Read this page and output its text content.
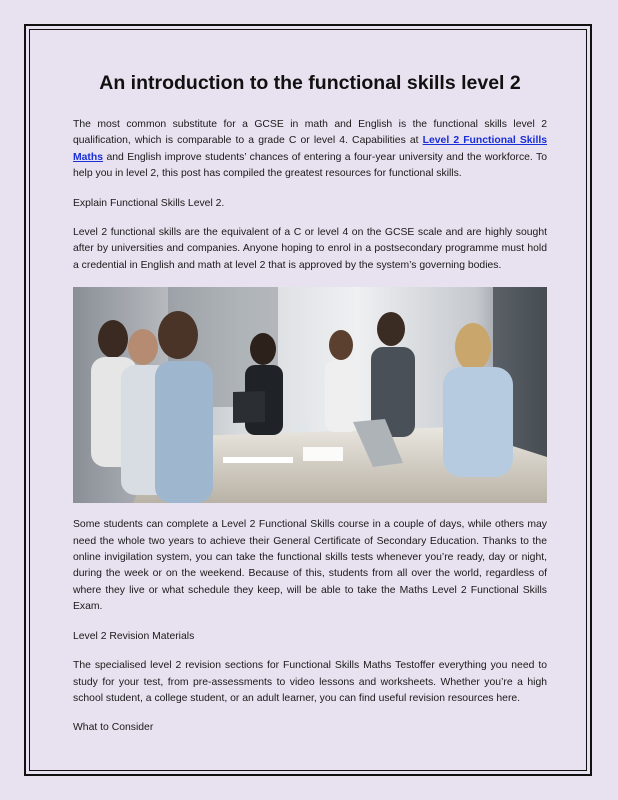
An introduction to the functional skills level 2

The most common substitute for a GCSE in math and English is the functional skills level 2 qualification, which is comparable to a grade C or level 4. Capabilities at Level 2 Functional Skills Maths and English improve students’ chances of entering a four-year university and the workforce. To help you in level 2, this post has compiled the greatest resources for functional skills.

Explain Functional Skills Level 2.

Level 2 functional skills are the equivalent of a C or level 4 on the GCSE scale and are highly sought after by universities and companies. Anyone hoping to enrol in a postsecondary programme must hold a credential in English and math at level 2 that is approved by the system’s governing bodies.

Some students can complete a Level 2 Functional Skills course in a couple of days, while others may need the whole two years to achieve their General Certificate of Secondary Education. Thanks to the online invigilation system, you can take the functional skills tests whenever you’re ready, day or night, during the week or on the weekend. Because of this, students from all over the world, regardless of where they live or what schedule they keep, will be able to take the Maths Level 2 Functional Skills Exam.

Level 2 Revision Materials

The specialised level 2 revision sections for Functional Skills Maths Testoffer everything you need to study for your test, from pre-assessments to video lessons and worksheets. Whether you’re a high school student, a college student, or an adult learner, you can find useful revision resources here.

What to Consider
